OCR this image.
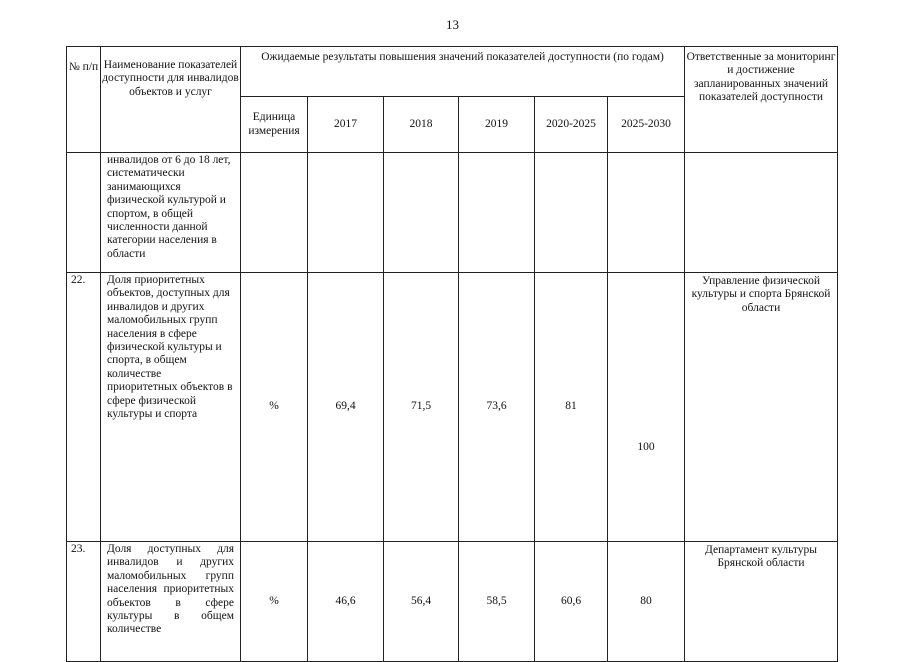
13
№ п/п	Наименование показателей доступности для инвалидов объектов и услуг	Ожидаемые результаты повышения значений показателей доступности (по годам)						Ответственные за мониторинг и достижение запланированных значений показателей доступности
		Единица измерения	2017	2018	2019	2020-2025	2025-2030	
	инвалидов от 6 до 18 лет, систематически занимающихся физической культурой и спортом, в общей численности данной категории населения в области							
22.	Доля приоритетных объектов, доступных для инвалидов и других маломобильных групп населения в сфере физической культуры и спорта, в общем количестве приоритетных объектов в сфере физической культуры и спорта	%	69,4	71,5	73,6	81	100	Управление физической культуры и спорта Брянской области
23.	Доля доступных для инвалидов и других маломобильных групп населения приоритетных объектов в сфере культуры в общем количестве	%	46,6	56,4	58,5	60,6	80	Департамент культуры Брянской области
